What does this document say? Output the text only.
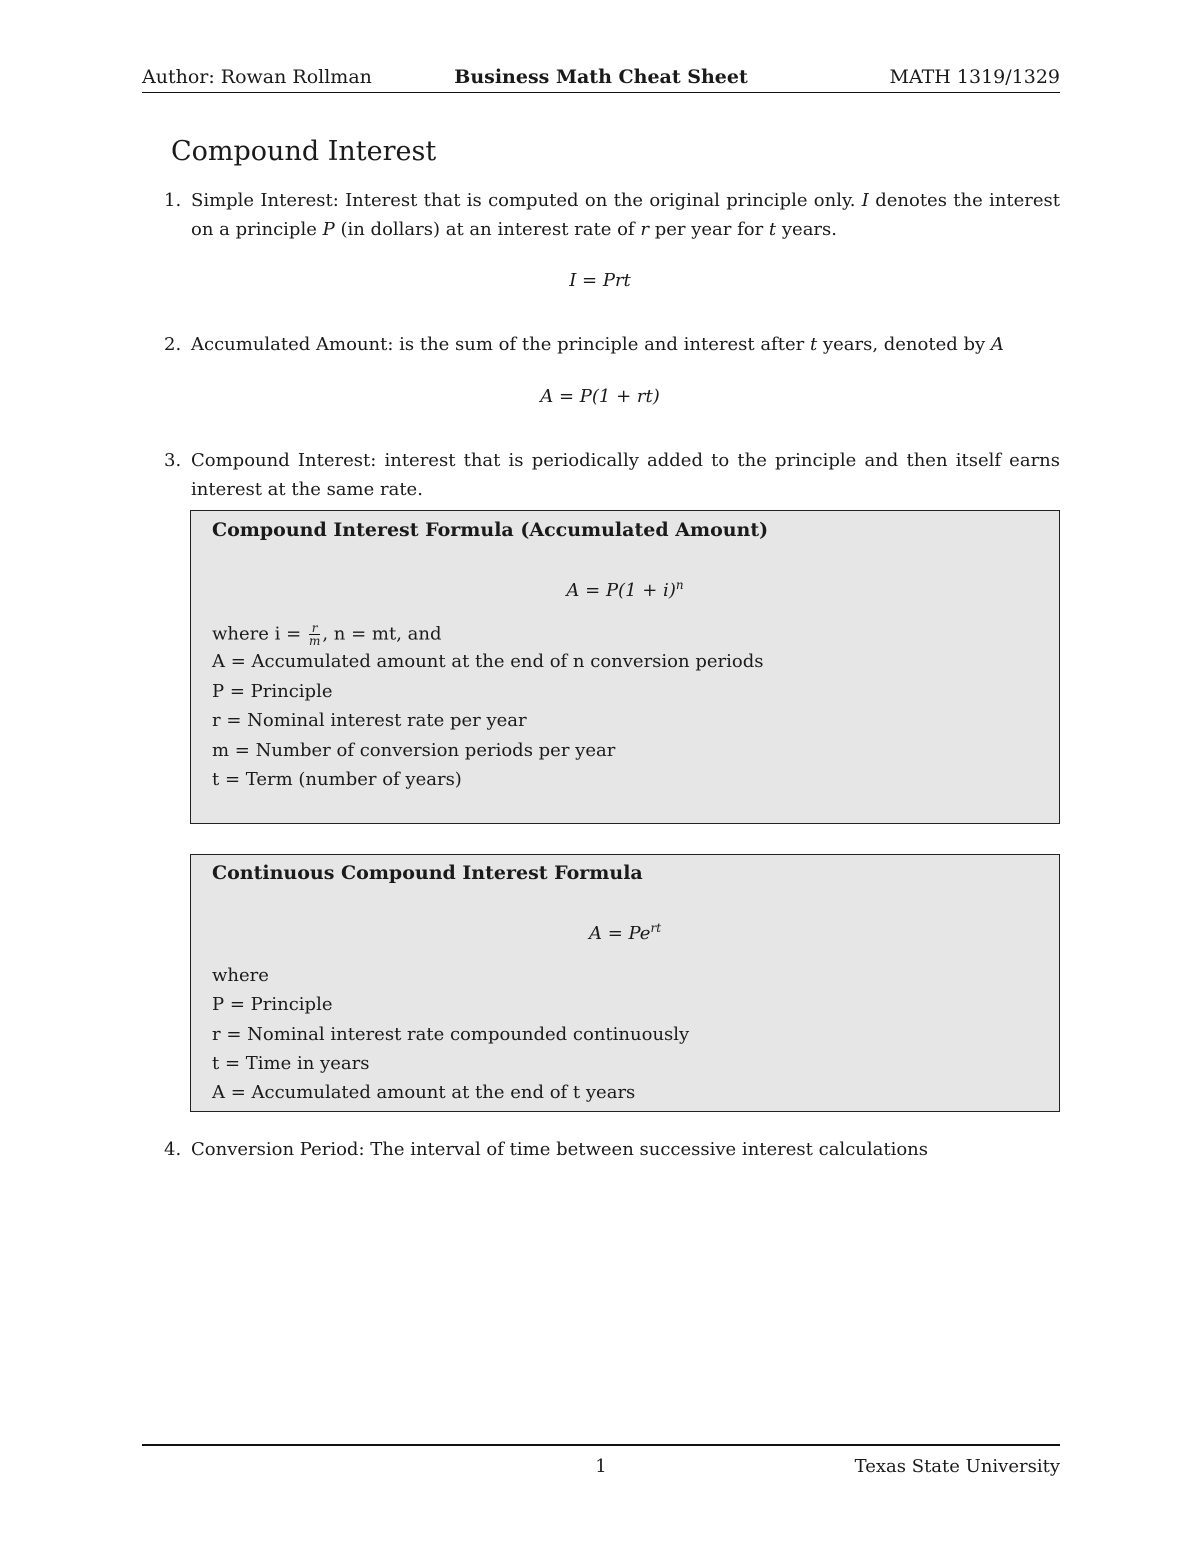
Author: Rowan Rollman	Business Math Cheat Sheet	MATH 1319/1329
Compound Interest
1. Simple Interest: Interest that is computed on the original principle only. I denotes the interest on a principle P (in dollars) at an interest rate of r per year for t years.
I = Prt
2. Accumulated Amount: is the sum of the principle and interest after t years, denoted by A
A = P(1 + rt)
3. Compound Interest: interest that is periodically added to the principle and then itself earns interest at the same rate.
Compound Interest Formula (Accumulated Amount)
$A = P(1 + i)^n$
where $i = \frac{r}{m}$ , n = mt, and
A = Accumulated amount at the end of n conversion periods
P = Principle
r = Nominal interest rate per year
m = Number of conversion periods per year
t = Term (number of years)
Continuous Compound Interest Formula
$A = Pe^{rt}$
where
P = Principle
r = Nominal interest rate compounded continuously
t = Time in years
A = Accumulated amount at the end of t years
4. Conversion Period: The interval of time between successive interest calculations
1	Texas State University
